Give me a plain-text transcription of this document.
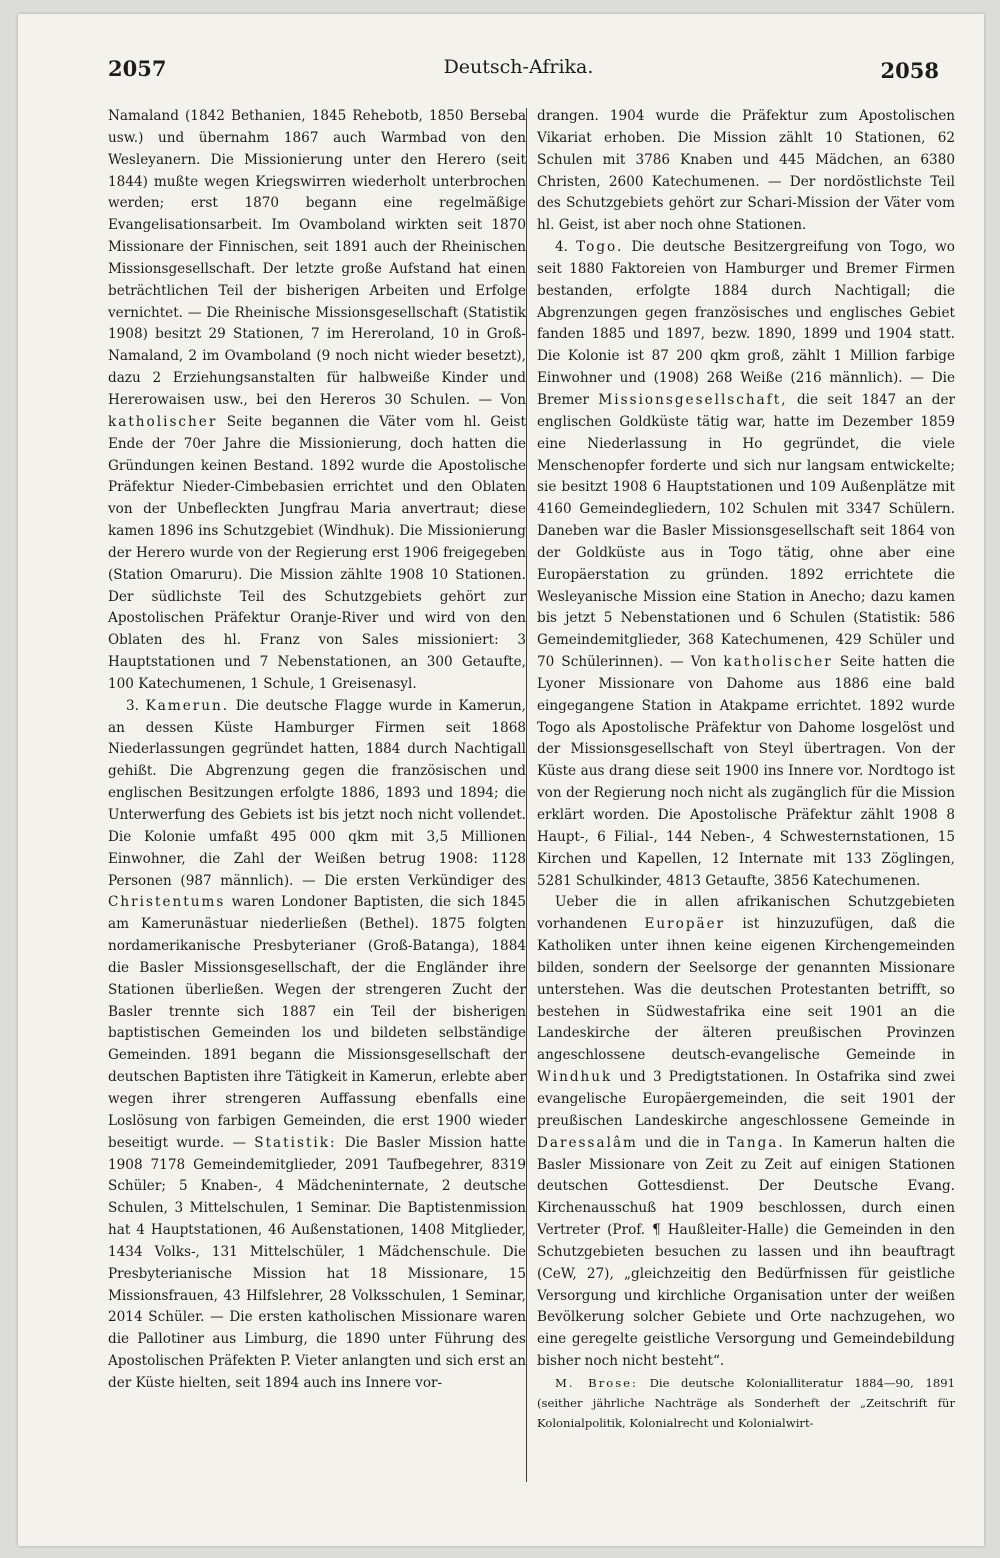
2057	Deutsch-Afrika.	2058

Namaland (1842 Bethanien, 1845 Rehebotb, 1850 Berseba usw.) und übernahm 1867 auch Warmbad von den Wesleyanern. Die Missionierung unter den Herero (seit 1844) mußte wegen Kriegswirren wiederholt unterbrochen werden; erst 1870 begann eine regelmäßige Evangelisationsarbeit. Im Ovamboland wirkten seit 1870 Missionare der Finnischen, seit 1891 auch der Rheinischen Missionsgesellschaft. Der letzte große Aufstand hat einen beträchtlichen Teil der bisherigen Arbeiten und Erfolge vernichtet. — Die Rheinische Missionsgesellschaft (Statistik 1908) besitzt 29 Stationen, 7 im Hereroland, 10 in Groß-Namaland, 2 im Ovamboland (9 noch nicht wieder besetzt), dazu 2 Erziehungsanstalten für halbweiße Kinder und Hererowaisen usw., bei den Hereros 30 Schulen. — Von katholischer Seite begannen die Väter vom hl. Geist Ende der 70er Jahre die Missionierung, doch hatten die Gründungen keinen Bestand. 1892 wurde die Apostolische Präfektur Nieder-Cimbebasien errichtet und den Oblaten von der Unbefleckten Jungfrau Maria anvertraut; diese kamen 1896 ins Schutzgebiet (Windhuk). Die Missionierung der Herero wurde von der Regierung erst 1906 freigegeben (Station Omaruru). Die Mission zählte 1908 10 Stationen. Der südlichste Teil des Schutzgebiets gehört zur Apostolischen Präfektur Oranje-River und wird von den Oblaten des hl. Franz von Sales missioniert: 3 Hauptstationen und 7 Nebenstationen, an 300 Getaufte, 100 Katechumenen, 1 Schule, 1 Greisenasyl.

3. Kamerun. Die deutsche Flagge wurde in Kamerun, an dessen Küste Hamburger Firmen seit 1868 Niederlassungen gegründet hatten, 1884 durch Nachtigall gehißt. Die Abgrenzung gegen die französischen und englischen Besitzungen erfolgte 1886, 1893 und 1894; die Unterwerfung des Gebiets ist bis jetzt noch nicht vollendet. Die Kolonie umfaßt 495 000 qkm mit 3,5 Millionen Einwohner, die Zahl der Weißen betrug 1908: 1128 Personen (987 männlich). — Die ersten Verkündiger des Christentums waren Londoner Baptisten, die sich 1845 am Kamerunästuar niederließen (Bethel). 1875 folgten nordamerikanische Presbyterianer (Groß-Batanga), 1884 die Basler Missionsgesellschaft, der die Engländer ihre Stationen überließen. Wegen der strengeren Zucht der Basler trennte sich 1887 ein Teil der bisherigen baptistischen Gemeinden los und bildeten selbständige Gemeinden. 1891 begann die Missionsgesellschaft der deutschen Baptisten ihre Tätigkeit in Kamerun, erlebte aber wegen ihrer strengeren Auffassung ebenfalls eine Loslösung von farbigen Gemeinden, die erst 1900 wieder beseitigt wurde. — Statistik: Die Basler Mission hatte 1908 7178 Gemeindemitglieder, 2091 Taufbegehrer, 8319 Schüler; 5 Knaben-, 4 Mädcheninternate, 2 deutsche Schulen, 3 Mittelschulen, 1 Seminar. Die Baptistenmission hat 4 Hauptstationen, 46 Außenstationen, 1408 Mitglieder, 1434 Volks-, 131 Mittelschüler, 1 Mädchenschule. Die Presbyterianische Mission hat 18 Missionare, 15 Missionsfrauen, 43 Hilfslehrer, 28 Volksschulen, 1 Seminar, 2014 Schüler. — Die ersten katholischen Missionare waren die Pallotiner aus Limburg, die 1890 unter Führung des Apostolischen Präfekten P. Vieter anlangten und sich erst an der Küste hielten, seit 1894 auch ins Innere vor-

drangen. 1904 wurde die Präfektur zum Apostolischen Vikariat erhoben. Die Mission zählt 10 Stationen, 62 Schulen mit 3786 Knaben und 445 Mädchen, an 6380 Christen, 2600 Katechumenen. — Der nordöstlichste Teil des Schutzgebiets gehört zur Schari-Mission der Väter vom hl. Geist, ist aber noch ohne Stationen.

4. Togo. Die deutsche Besitzergreifung von Togo, wo seit 1880 Faktoreien von Hamburger und Bremer Firmen bestanden, erfolgte 1884 durch Nachtigall; die Abgrenzungen gegen französisches und englisches Gebiet fanden 1885 und 1897, bezw. 1890, 1899 und 1904 statt. Die Kolonie ist 87 200 qkm groß, zählt 1 Million farbige Einwohner und (1908) 268 Weiße (216 männlich). — Die Bremer Missionsgesellschaft, die seit 1847 an der englischen Goldküste tätig war, hatte im Dezember 1859 eine Niederlassung in Ho gegründet, die viele Menschenopfer forderte und sich nur langsam entwickelte; sie besitzt 1908 6 Hauptstationen und 109 Außenplätze mit 4160 Gemeindegliedern, 102 Schulen mit 3347 Schülern. Daneben war die Basler Missionsgesellschaft seit 1864 von der Goldküste aus in Togo tätig, ohne aber eine Europäerstation zu gründen. 1892 errichtete die Wesleyanische Mission eine Station in Anecho; dazu kamen bis jetzt 5 Nebenstationen und 6 Schulen (Statistik: 586 Gemeindemitglieder, 368 Katechumenen, 429 Schüler und 70 Schülerinnen). — Von katholischer Seite hatten die Lyoner Missionare von Dahome aus 1886 eine bald eingegangene Station in Atakpame errichtet. 1892 wurde Togo als Apostolische Präfektur von Dahome losgelöst und der Missionsgesellschaft von Steyl übertragen. Von der Küste aus drang diese seit 1900 ins Innere vor. Nordtogo ist von der Regierung noch nicht als zugänglich für die Mission erklärt worden. Die Apostolische Präfektur zählt 1908 8 Haupt-, 6 Filial-, 144 Neben-, 4 Schwesternstationen, 15 Kirchen und Kapellen, 12 Internate mit 133 Zöglingen, 5281 Schulkinder, 4813 Getaufte, 3856 Katechumenen.

Ueber die in allen afrikanischen Schutzgebieten vorhandenen Europäer ist hinzuzufügen, daß die Katholiken unter ihnen keine eigenen Kirchengemeinden bilden, sondern der Seelsorge der genannten Missionare unterstehen. Was die deutschen Protestanten betrifft, so bestehen in Südwestafrika eine seit 1901 an die Landeskirche der älteren preußischen Provinzen angeschlossene deutsch-evangelische Gemeinde in Windhuk und 3 Predigtstationen. In Ostafrika sind zwei evangelische Europäergemeinden, die seit 1901 der preußischen Landeskirche angeschlossene Gemeinde in Daressalâm und die in Tanga. In Kamerun halten die Basler Missionare von Zeit zu Zeit auf einigen Stationen deutschen Gottesdienst. Der Deutsche Evang. Kirchenausschuß hat 1909 beschlossen, durch einen Vertreter (Prof. ¶ Haußleiter-Halle) die Gemeinden in den Schutzgebieten besuchen zu lassen und ihn beauftragt (CeW, 27), „gleichzeitig den Bedürfnissen für geistliche Versorgung und kirchliche Organisation unter der weißen Bevölkerung solcher Gebiete und Orte nachzugehen, wo eine geregelte geistliche Versorgung und Gemeindebildung bisher noch nicht besteht“.

M. Brose: Die deutsche Kolonialliteratur 1884—90, 1891 (seither jährliche Nachträge als Sonderheft der „Zeitschrift für Kolonialpolitik, Kolonialrecht und Kolonialwirt-
